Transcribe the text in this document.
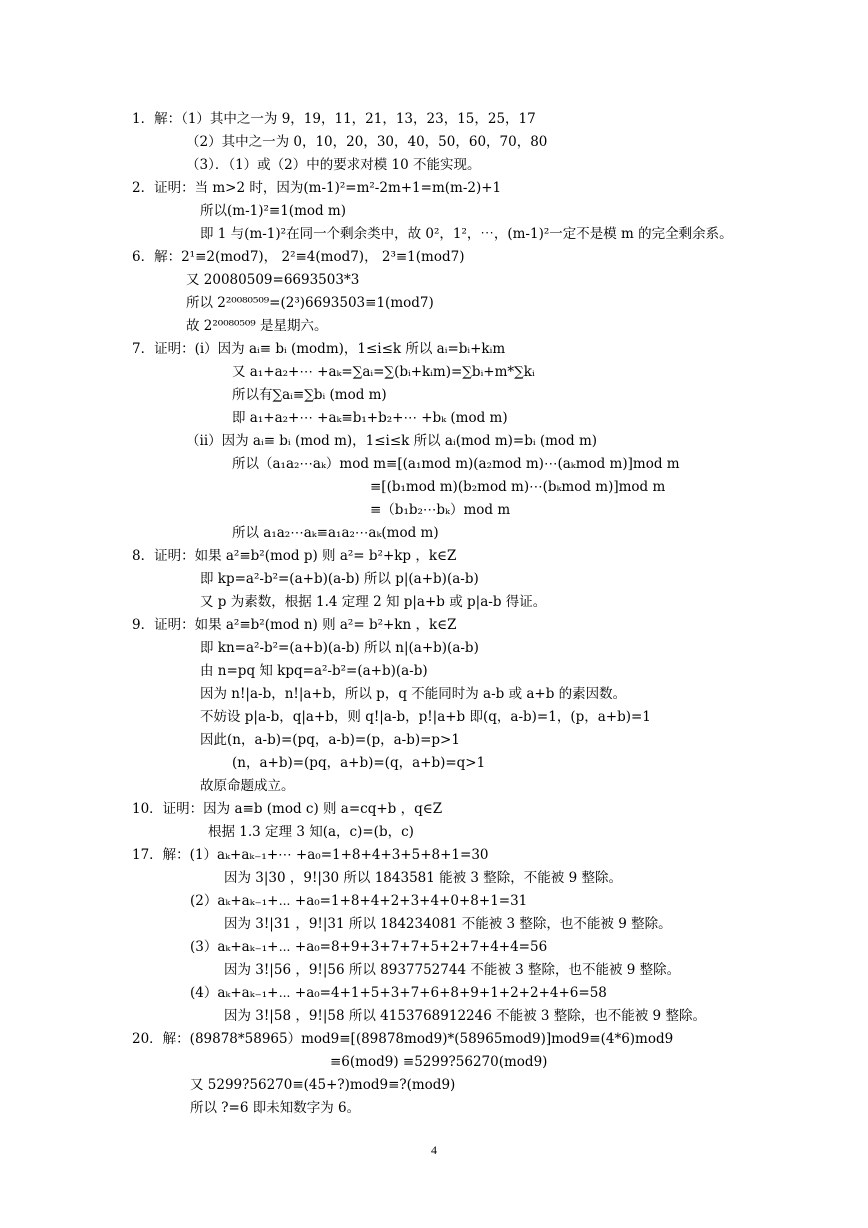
1．解：（1）其中之一为 9，19，11，21，13，23，15，25，17
（2）其中之一为 0，10，20，30，40，50，60，70，80
（3）．（1）或（2）中的要求对模 10 不能实现。
2．证明：当 m>2 时，因为(m-1)²=m²-2m+1=m(m-2)+1
所以(m-1)²≡1(mod m)
即 1 与(m-1)²在同一个剩余类中，故 0²，1²，⋯，(m-1)²一定不是模 m 的完全剩余系。
6．解：2¹≡2(mod7)， 2²≡4(mod7)， 2³≡1(mod7)
又 20080509=6693503*3
所以 2²⁰⁰⁸⁰⁵⁰⁹=(2³)6693503≡1(mod7)
故 2²⁰⁰⁸⁰⁵⁰⁹ 是星期六。
7．证明：(i）因为 aᵢ≡ bᵢ (modm)，1≤i≤k 所以 aᵢ=bᵢ+kᵢm
又 a₁+a₂+⋯ +aₖ=∑aᵢ=∑(bᵢ+kᵢm)=∑bᵢ+m*∑kᵢ
所以有∑aᵢ≡∑bᵢ (mod m)
即 a₁+a₂+⋯ +aₖ≡b₁+b₂+⋯ +bₖ (mod m)
（ii）因为 aᵢ≡ bᵢ (mod m)，1≤i≤k 所以 aᵢ(mod m)=bᵢ (mod m)
所以（a₁a₂⋯aₖ）mod m≡[(a₁mod m)(a₂mod m)⋯(aₖmod m)]mod m
≡[(b₁mod m)(b₂mod m)⋯(bₖmod m)]mod m
≡（b₁b₂⋯bₖ）mod m
所以 a₁a₂⋯aₖ≡a₁a₂⋯aₖ(mod m)
8．证明：如果 a²≡b²(mod p) 则 a²= b²+kp ，k∈Z
即 kp=a²-b²=(a+b)(a-b) 所以 p|(a+b)(a-b)
又 p 为素数，根据 1.4 定理 2 知 p|a+b 或 p|a-b 得证。
9．证明：如果 a²≡b²(mod n) 则 a²= b²+kn ，k∈Z
即 kn=a²-b²=(a+b)(a-b) 所以 n|(a+b)(a-b)
由 n=pq 知 kpq=a²-b²=(a+b)(a-b)
因为 n!|a-b，n!|a+b，所以 p，q 不能同时为 a-b 或 a+b 的素因数。
不妨设 p|a-b，q|a+b，则 q!|a-b，p!|a+b 即(q，a-b)=1，(p，a+b)=1
因此(n，a-b)=(pq，a-b)=(p，a-b)=p>1
(n，a+b)=(pq，a+b)=(q，a+b)=q>1
故原命题成立。
10．证明：因为 a≡b (mod c) 则 a=cq+b ，q∈Z
根据 1.3 定理 3 知(a，c)=(b，c)
17．解：(1）aₖ+aₖ₋₁+⋯ +a₀=1+8+4+3+5+8+1=30
因为 3|30 ，9!|30 所以 1843581 能被 3 整除，不能被 9 整除。
(2）aₖ+aₖ₋₁+⋯ +a₀=1+8+4+2+3+4+0+8+1=31
因为 3!|31 ，9!|31 所以 184234081 不能被 3 整除，也不能被 9 整除。
(3）aₖ+aₖ₋₁+⋯ +a₀=8+9+3+7+7+5+2+7+4+4=56
因为 3!|56 ，9!|56 所以 8937752744 不能被 3 整除，也不能被 9 整除。
(4）aₖ+aₖ₋₁+⋯ +a₀=4+1+5+3+7+6+8+9+1+2+2+4+6=58
因为 3!|58 ，9!|58 所以 4153768912246 不能被 3 整除，也不能被 9 整除。
20．解：(89878*58965）mod9≡[(89878mod9)*(58965mod9)]mod9≡(4*6)mod9
≡6(mod9) ≡5299?56270(mod9)
又 5299?56270≡(45+?)mod9≡?(mod9)
所以 ?=6 即未知数字为 6。
4
